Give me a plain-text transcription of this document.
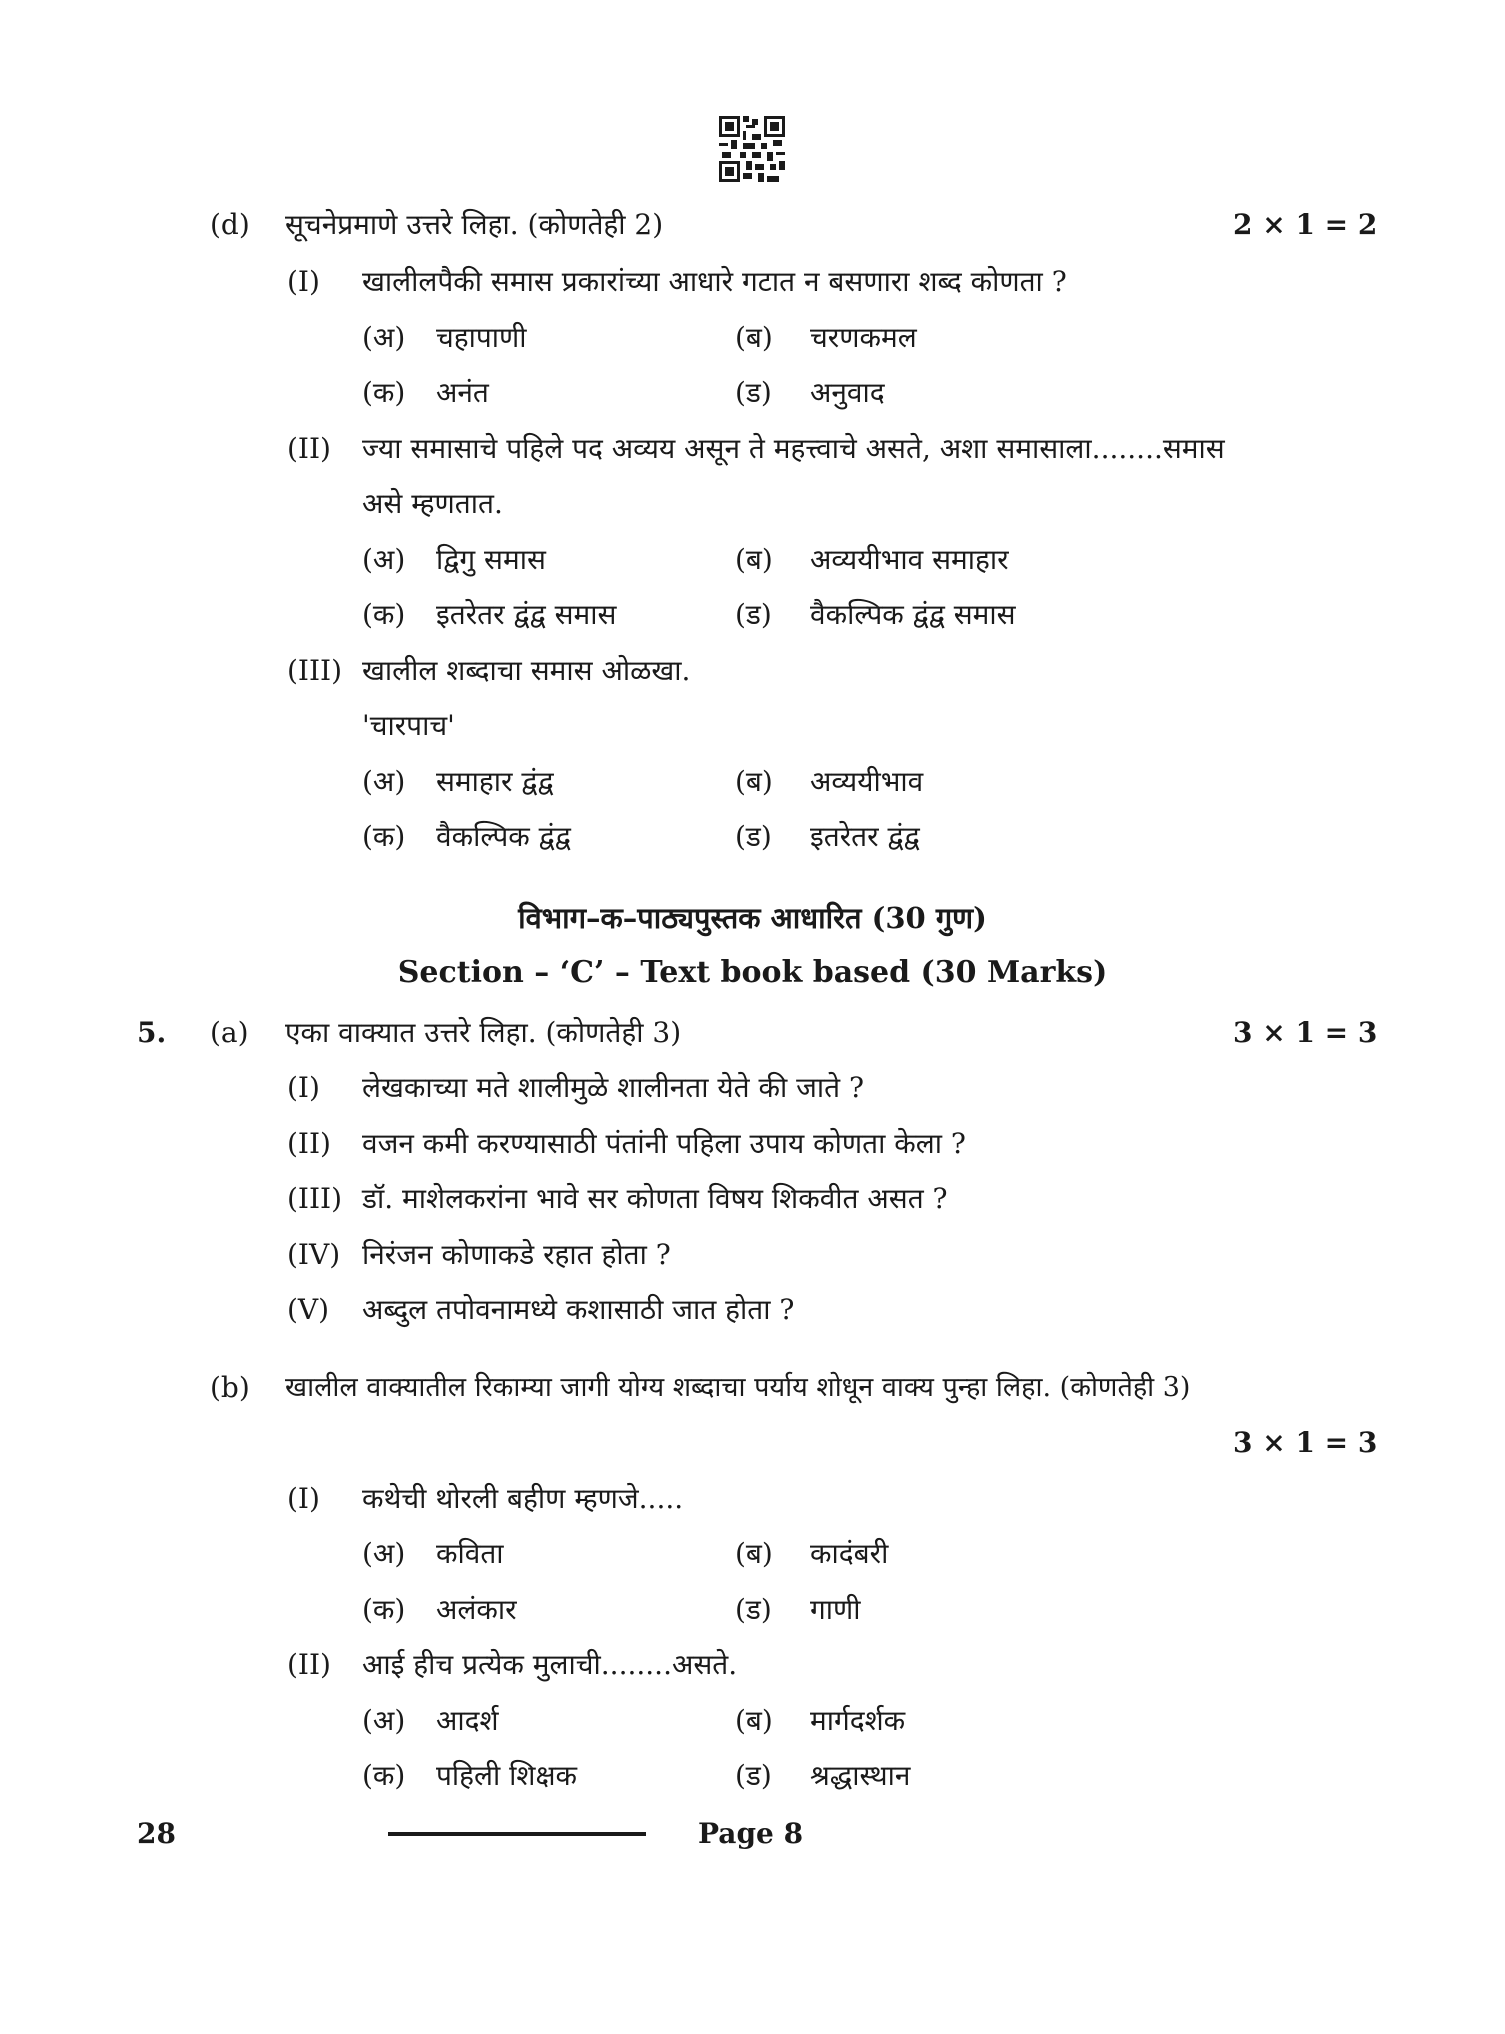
(d) सूचनेप्रमाणे उत्तरे लिहा. (कोणतेही 2)	2 × 1 = 2
(I) खालीलपैकी समास प्रकारांच्या आधारे गटात न बसणारा शब्द कोणता ?
(अ) चहापाणी	(ब) चरणकमल
(क) अनंत	(ड) अनुवाद
(II) ज्या समासाचे पहिले पद अव्यय असून ते महत्त्वाचे असते, अशा समासाला........समास
असे म्हणतात.
(अ) द्विगु समास	(ब) अव्ययीभाव समाहार
(क) इतरेतर द्वंद्व समास	(ड) वैकल्पिक द्वंद्व समास
(III) खालील शब्दाचा समास ओळखा.
'चारपाच'
(अ) समाहार द्वंद्व	(ब) अव्ययीभाव
(क) वैकल्पिक द्वंद्व	(ड) इतरेतर द्वंद्व
विभाग–क–पाठ्यपुस्तक आधारित (30 गुण)
Section – ‘C’ – Text book based (30 Marks)
5. (a) एका वाक्यात उत्तरे लिहा. (कोणतेही 3)	3 × 1 = 3
(I) लेखकाच्या मते शालीमुळे शालीनता येते की जाते ?
(II) वजन कमी करण्यासाठी पंतांनी पहिला उपाय कोणता केला ?
(III) डॉ. माशेलकरांना भावे सर कोणता विषय शिकवीत असत ?
(IV) निरंजन कोणाकडे रहात होता ?
(V) अब्दुल तपोवनामध्ये कशासाठी जात होता ?
(b) खालील वाक्यातील रिकाम्या जागी योग्य शब्दाचा पर्याय शोधून वाक्य पुन्हा लिहा. (कोणतेही 3)
3 × 1 = 3
(I) कथेची थोरली बहीण म्हणजे.....
(अ) कविता	(ब) कादंबरी
(क) अलंकार	(ड) गाणी
(II) आई हीच प्रत्येक मुलाची........असते.
(अ) आदर्श	(ब) मार्गदर्शक
(क) पहिली शिक्षक	(ड) श्रद्धास्थान
28	Page 8
